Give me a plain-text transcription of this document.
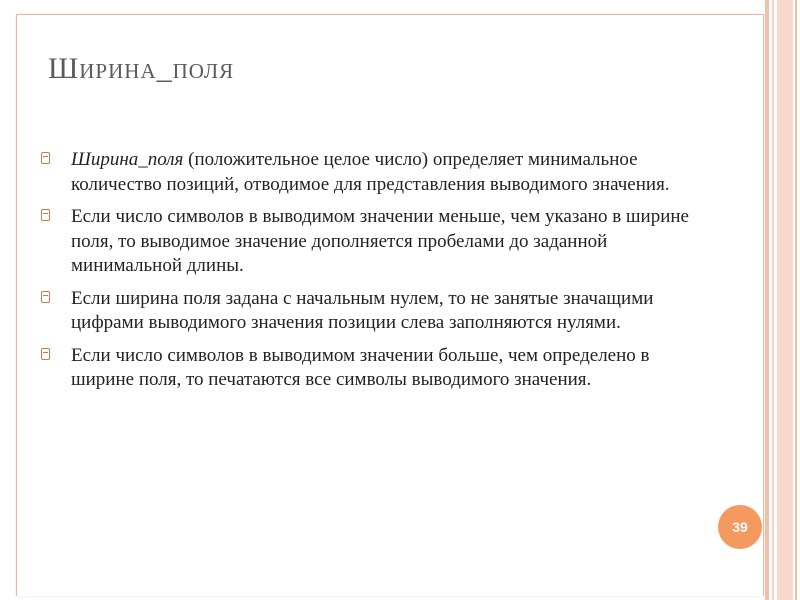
Ширина_поля
Ширина_поля (положительное целое число) определяет минимальное количество позиций, отводимое для представления выводимого значения.
Если число символов в выводимом значении меньше, чем указано в ширине поля, то выводимое значение дополняется пробелами до заданной минимальной длины.
Если ширина поля задана с начальным нулем, то не занятые значащими цифрами выводимого значения позиции слева заполняются нулями.
Если число символов в выводимом значении больше, чем определено в ширине поля, то печатаются все символы выводимого значения.
39
